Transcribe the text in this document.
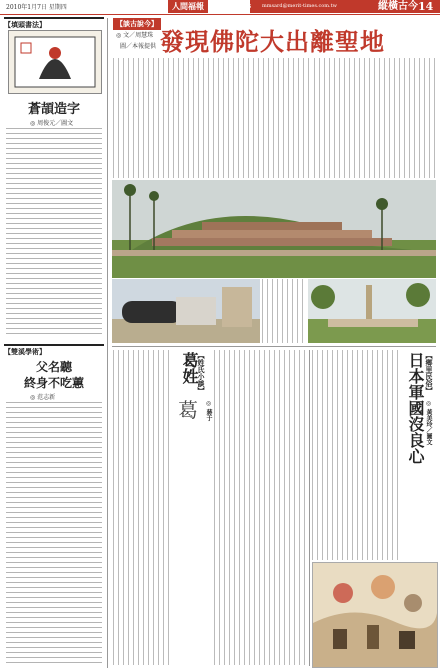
2010年1月7日 星期四	人間福報 Merit Times mmsard@merit-times.com.tw	縱橫古今 14
【填頭書法】
蒼頡造字
◎ 周俊元／圖文
【雙溪學術】
父名聽
終身不吃蕙
◎ 范志新
【談古說今】
◎ 文／周慧珠
圖／本報提供 發現佛陀大出離聖地
【姓氏小談】
葛姓
葛 ◎ 蔣于
【鄉里民俗】
日本軍國沒良心 ◎ 黃美玲／圖文
